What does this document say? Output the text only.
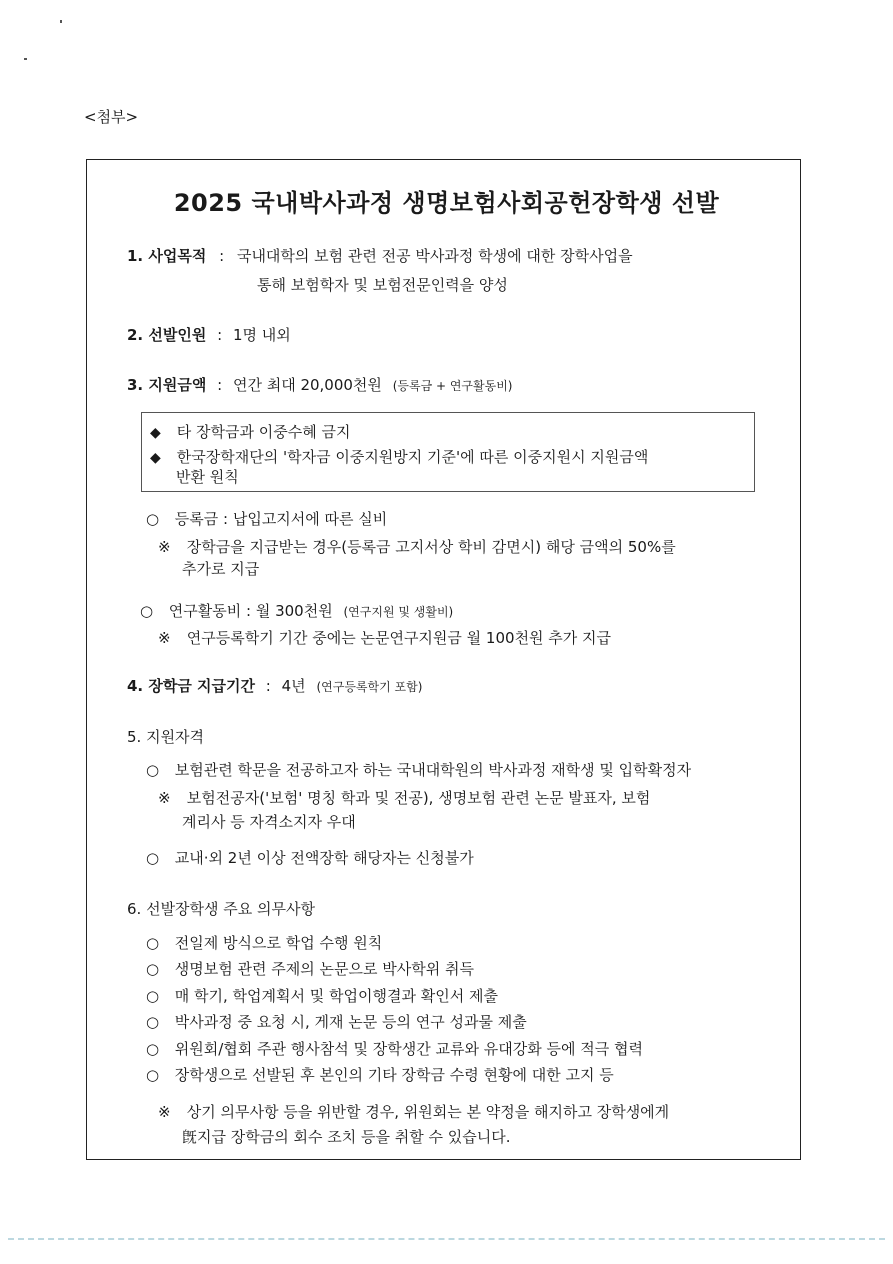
<첨부>
2025 국내박사과정 생명보험사회공헌장학생 선발
1. 사업목적 : 국내대학의 보험 관련 전공 박사과정 학생에 대한 장학사업을
통해 보험학자 및 보험전문인력을 양성
2. 선발인원 : 1명 내외
3. 지원금액 : 연간 최대 20,000천원 (등록금 + 연구활동비)
◆ 타 장학금과 이중수혜 금지
◆ 한국장학재단의 '학자금 이중지원방지 기준'에 따른 이중지원시 지원금액
반환 원칙
○ 등록금 : 납입고지서에 따른 실비
※ 장학금을 지급받는 경우(등록금 고지서상 학비 감면시) 해당 금액의 50%를
추가로 지급
○ 연구활동비 : 월 300천원 (연구지원 및 생활비)
※ 연구등록학기 기간 중에는 논문연구지원금 월 100천원 추가 지급
4. 장학금 지급기간 : 4년 (연구등록학기 포함)
5. 지원자격
○ 보험관련 학문을 전공하고자 하는 국내대학원의 박사과정 재학생 및 입학확정자
※ 보험전공자('보험' 명칭 학과 및 전공), 생명보험 관련 논문 발표자, 보험
계리사 등 자격소지자 우대
○ 교내·외 2년 이상 전액장학 해당자는 신청불가
6. 선발장학생 주요 의무사항
○ 전일제 방식으로 학업 수행 원칙
○ 생명보험 관련 주제의 논문으로 박사학위 취득
○ 매 학기, 학업계획서 및 학업이행결과 확인서 제출
○ 박사과정 중 요청 시, 게재 논문 등의 연구 성과물 제출
○ 위원회/협회 주관 행사참석 및 장학생간 교류와 유대강화 등에 적극 협력
○ 장학생으로 선발된 후 본인의 기타 장학금 수령 현황에 대한 고지 등
※ 상기 의무사항 등을 위반할 경우, 위원회는 본 약정을 해지하고 장학생에게
旣지급 장학금의 회수 조치 등을 취할 수 있습니다.
